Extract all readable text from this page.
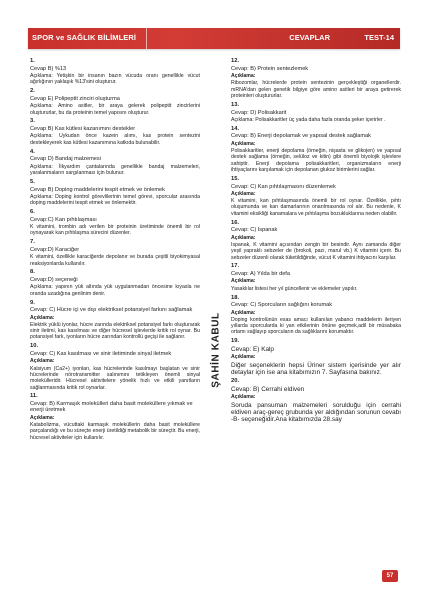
SPOR ve SAĞLIK BİLİMLERİ	CEVAPLAR	TEST-14
1.
Cevap B) %13
Açıklama: Yetişkin bir insanın bazın vücuda oranı genellikle vücut ağırlığının yaklaşık %13'sini oluşturur.
2.
Cevap E) Polipeptit zinciri oluşturma
Açıklama: Amino asitler, bir araya gelerek polipeptit zincirlerini oluştururlar, bu da proteinin temel yapısını oluşturur.
3.
Cevap B) Kas kütlesi kazanımını destekler
Açıklama: Uykudan önce kazein alımı, kas protein sentezini destekleyerek kas kütlesi kazanımına katkıda bulunabilir.
4.
Cevap D) Bandaj malzemesi
Açıklama: İlkyardım çantalarında genellikle bandaj malzemeleri, yaralanmaların sargılanması için bulunur.
5.
Cevap B) Doping maddelerini tespit etmek ve önlemek
Açıklama: Doping kontrol görevlilerinin temel görevi, sporcular arasında doping maddelerini tespit etmek ve önlemektir.
6.
Cevap:C) Kan pıhtılaşması
K vitamini, trombin adı verilen bir proteinin üretiminde önemli bir rol oynayarak kan pıhtılaşma sürecini düzenler.
7.
Cevap:D) Karaciğer
K vitamini, özellikle karaciğerde depolanır ve burada çeşitli biyokimyasal reaksiyonlarda kullanılır.
8.
Cevap:D) seçeneği
Açıklama: yapının yük altında yük uygulanmadan öncesine kıyasla ne oranda uzadığına genlinim denir.
9.
Cevap: C) Hücre içi ve dışı elektriksel potansiyel farkını sağlamak
Açıklama:
Elektrik yüklü iyonlar, hücre zarında elektriksel potansiyel farkı oluşturarak sinir iletimi, kas kasılması ve diğer hücresel işlevlerde kritik rol oynar. Bu potansiyel fark, iyonların hücre zarından kontrollü geçişi ile sağlanır.
10.
Cevap: C) Kas kasılması ve sinir iletiminde sinyal iletmek
Açıklama:
Kalsiyum (Ca2+) iyonları, kas hücrelerinde kasılmayı başlatan ve sinir hücrelerinde nörotransmitter salınımını tetikleyen önemli sinyal molekülleridir. Hücresel aktivitelere yönelik hızlı ve etkili yanıtların sağlanmasında kritik rol oynarlar.
11.
Cevap: B) Karmaşık molekülleri daha basit moleküllere yıkmak ve enerji üretmek
Açıklama:
Katabolizma, vücuttaki karmaşık moleküllerin daha basit moleküllere parçalandığı ve bu süreçte enerji üretildiği metabolik bir süreçtir. Bu enerji, hücresel aktiviteler için kullanılır.
ŞAHİN KABUL
12.
Cevap: B) Protein sentezlemek
Açıklama:
Ribozomlar, hücrelerde protein sentezinin gerçekleştiği organellerdir. mRNA'dan gelen genetik bilgiye göre amino asitleri bir araya getirerek proteinleri oluştururlar.
13.
Cevap: D) Polisakkarit
Açıklama: Polisakkaritler üç yada daha fazla oranda şeker içerirler .
14.
Cevap: B) Enerji depolamak ve yapısal destek sağlamak
Açıklama:
Polisakkaritler, enerji depolama (örneğin, nişasta ve glikojen) ve yapısal destek sağlama (örneğin, selüloz ve kitin) gibi önemli biyolojik işlevlere sahiptir. Enerji depolama polisakkaritleri, organizmaların enerji ihtiyaçlarını karşılamak için depolanan glukoz birimlerini sağlar.
15.
Cevap: C) Kan pıhtılaşmasını düzenlemek
Açıklama:
K vitamini, kan pıhtılaşmasında önemli bir rol oynar. Özellikle, pıhtı oluşumunda ve kan damarlarının onarılmasında rol alır. Bu nedenle, K vitamini eksikliği kanamalara ve pıhtılaşma bozukluklarına neden olabilir.
16.
Cevap: C) Ispanak
Açıklama:
Ispanak, K vitamini açısından zengin bir besindir. Aynı zamanda diğer yeşil yapraklı sebzeler de (brokoli, pazı, marul vb.) K vitamini içerir. Bu sebzeler düzenli olarak tüketildiğinde, vücut K vitamini ihtiyacını karşılar.
17.
Cevap: A) Yılda bir defa
Açıklama:
Yasaklılar listesi her yıl güncellenir ve eklemeler yapılır.
18.
Cevap: C) Sporcuların sağlığını korumak
Açıklama:
Doping kontrolünün esas amacı kullanılan yabancı maddelerin ileriyen yıllarda sporcularda ki yan etkilerinin önüne geçmek,adil bir müsabaka ortamı sağlayıp sporcuların da sağlıklarını korumaktır.
19.
Cevap: E) Kalp
Açıklama:
Diğer seçeneklerin hepsi Üriner sistem içerisinde yer alır detaylar için ise ana kitabımızın 7. Sayfasına bakınız.
20.
Cevap: B) Cerrahi eldiven
Açıklama:
Soruda pansuman malzemeleri sorulduğu için cerrahi eldiven araç-gereç grubunda yer aldığından sorunun cevabı -B- seçeneğidir.Ana kitabımızda 28.say
57
